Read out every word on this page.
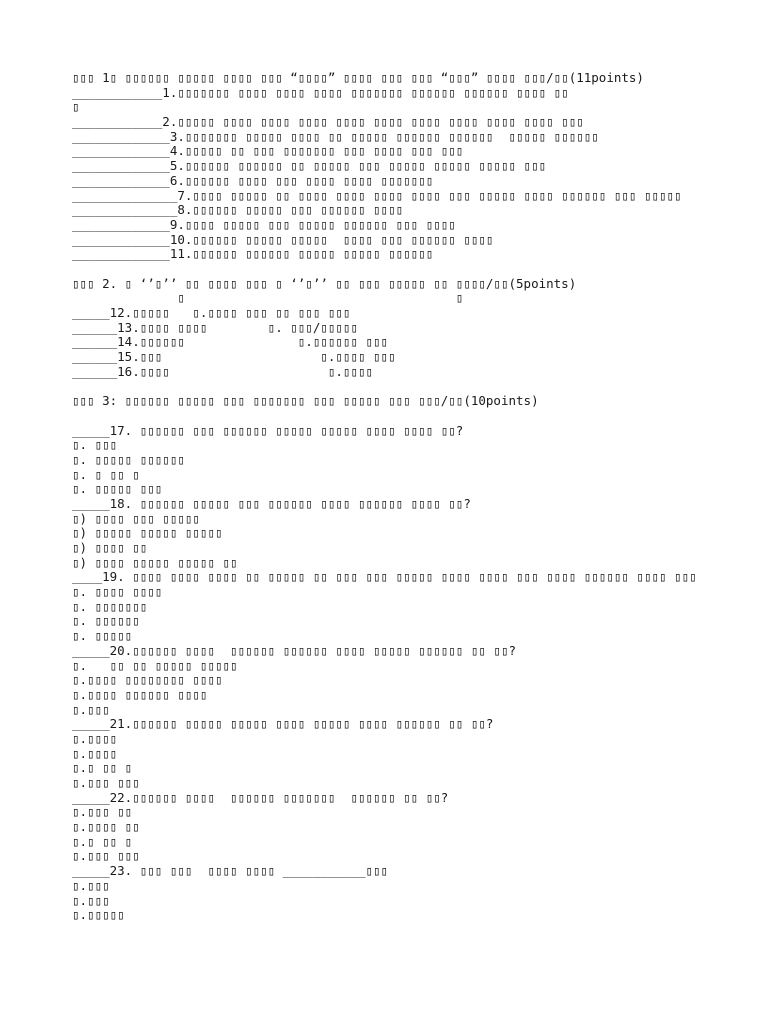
▯▯▯ 1▯ ▯▯▯▯▯▯ ▯▯▯▯▯ ▯▯▯▯ ▯▯▯ “▯▯▯▯” ▯▯▯▯ ▯▯▯ ▯▯▯ “▯▯▯” ▯▯▯▯ ▯▯▯/▯▯(11points)
____________1.▯▯▯▯▯▯▯ ▯▯▯▯ ▯▯▯▯ ▯▯▯▯ ▯▯▯▯▯▯▯ ▯▯▯▯▯▯ ▯▯▯▯▯▯ ▯▯▯▯ ▯▯
▯
____________2.▯▯▯▯▯ ▯▯▯▯ ▯▯▯▯ ▯▯▯▯ ▯▯▯▯ ▯▯▯▯ ▯▯▯▯ ▯▯▯▯ ▯▯▯▯ ▯▯▯▯ ▯▯▯
_____________3.▯▯▯▯▯▯▯ ▯▯▯▯▯ ▯▯▯▯ ▯▯ ▯▯▯▯▯ ▯▯▯▯▯▯ ▯▯▯▯▯▯  ▯▯▯▯▯ ▯▯▯▯▯▯
_____________4.▯▯▯▯▯ ▯▯ ▯▯▯ ▯▯▯▯▯▯▯ ▯▯▯ ▯▯▯▯ ▯▯▯ ▯▯▯
_____________5.▯▯▯▯▯▯ ▯▯▯▯▯▯ ▯▯ ▯▯▯▯▯ ▯▯▯ ▯▯▯▯▯ ▯▯▯▯▯ ▯▯▯▯▯ ▯▯▯
_____________6.▯▯▯▯▯▯ ▯▯▯▯ ▯▯▯ ▯▯▯▯ ▯▯▯▯ ▯▯▯▯▯▯▯
______________7.▯▯▯▯ ▯▯▯▯▯ ▯▯ ▯▯▯▯ ▯▯▯▯ ▯▯▯▯ ▯▯▯▯ ▯▯▯ ▯▯▯▯▯ ▯▯▯▯ ▯▯▯▯▯▯ ▯▯▯ ▯▯▯▯▯
______________8.▯▯▯▯▯▯ ▯▯▯▯▯ ▯▯▯ ▯▯▯▯▯▯ ▯▯▯▯
_____________9.▯▯▯▯ ▯▯▯▯▯ ▯▯▯ ▯▯▯▯▯ ▯▯▯▯▯▯ ▯▯▯ ▯▯▯▯
_____________10.▯▯▯▯▯▯ ▯▯▯▯▯ ▯▯▯▯▯  ▯▯▯▯ ▯▯▯ ▯▯▯▯▯▯ ▯▯▯▯
_____________11.▯▯▯▯▯▯ ▯▯▯▯▯▯ ▯▯▯▯▯ ▯▯▯▯▯ ▯▯▯▯▯▯
▯▯▯ 2. ▯ ‘’▯’’ ▯▯ ▯▯▯▯ ▯▯▯ ▯ ‘’▯’’ ▯▯ ▯▯▯ ▯▯▯▯▯ ▯▯ ▯▯▯▯/▯▯(5points)
▯                                    ▯
_____12.▯▯▯▯▯   ▯.▯▯▯▯ ▯▯▯ ▯▯ ▯▯▯ ▯▯▯
______13.▯▯▯▯ ▯▯▯▯        ▯. ▯▯▯/▯▯▯▯▯
______14.▯▯▯▯▯▯               ▯.▯▯▯▯▯▯ ▯▯▯
______15.▯▯▯                     ▯.▯▯▯▯ ▯▯▯
______16.▯▯▯▯                     ▯.▯▯▯▯
▯▯▯ 3: ▯▯▯▯▯▯ ▯▯▯▯▯ ▯▯▯ ▯▯▯▯▯▯▯ ▯▯▯ ▯▯▯▯▯ ▯▯▯ ▯▯▯/▯▯(10points)
_____17. ▯▯▯▯▯▯ ▯▯▯ ▯▯▯▯▯▯ ▯▯▯▯▯ ▯▯▯▯▯ ▯▯▯▯ ▯▯▯▯ ▯▯?
▯. ▯▯▯
▯. ▯▯▯▯▯ ▯▯▯▯▯▯
▯. ▯ ▯▯ ▯
▯. ▯▯▯▯▯ ▯▯▯
_____18. ▯▯▯▯▯▯ ▯▯▯▯▯ ▯▯▯ ▯▯▯▯▯▯ ▯▯▯▯ ▯▯▯▯▯▯ ▯▯▯▯ ▯▯?
▯) ▯▯▯▯ ▯▯▯ ▯▯▯▯▯
▯) ▯▯▯▯▯ ▯▯▯▯▯ ▯▯▯▯▯
▯) ▯▯▯▯ ▯▯
▯) ▯▯▯▯ ▯▯▯▯▯ ▯▯▯▯▯ ▯▯
____19. ▯▯▯▯ ▯▯▯▯ ▯▯▯▯ ▯▯ ▯▯▯▯▯ ▯▯ ▯▯▯ ▯▯▯ ▯▯▯▯▯ ▯▯▯▯ ▯▯▯▯ ▯▯▯ ▯▯▯▯ ▯▯▯▯▯▯ ▯▯▯▯ ▯▯▯
▯. ▯▯▯▯ ▯▯▯▯
▯. ▯▯▯▯▯▯▯
▯. ▯▯▯▯▯▯
▯. ▯▯▯▯▯
_____20.▯▯▯▯▯▯ ▯▯▯▯  ▯▯▯▯▯▯ ▯▯▯▯▯▯ ▯▯▯▯ ▯▯▯▯▯ ▯▯▯▯▯▯ ▯▯ ▯▯?
▯.   ▯▯ ▯▯ ▯▯▯▯▯ ▯▯▯▯▯
▯.▯▯▯▯ ▯▯▯▯▯▯▯▯ ▯▯▯▯
▯.▯▯▯▯ ▯▯▯▯▯▯ ▯▯▯▯
▯.▯▯▯
_____21.▯▯▯▯▯▯ ▯▯▯▯▯ ▯▯▯▯▯ ▯▯▯▯ ▯▯▯▯▯ ▯▯▯▯ ▯▯▯▯▯▯ ▯▯ ▯▯?
▯.▯▯▯▯
▯.▯▯▯▯
▯.▯ ▯▯ ▯
▯.▯▯▯ ▯▯▯
_____22.▯▯▯▯▯▯ ▯▯▯▯  ▯▯▯▯▯▯ ▯▯▯▯▯▯▯  ▯▯▯▯▯▯ ▯▯ ▯▯?
▯.▯▯▯ ▯▯
▯.▯▯▯▯ ▯▯
▯.▯ ▯▯ ▯
▯.▯▯▯ ▯▯▯
_____23. ▯▯▯ ▯▯▯  ▯▯▯▯ ▯▯▯▯ ___________▯▯▯
▯.▯▯▯
▯.▯▯▯
▯.▯▯▯▯▯
